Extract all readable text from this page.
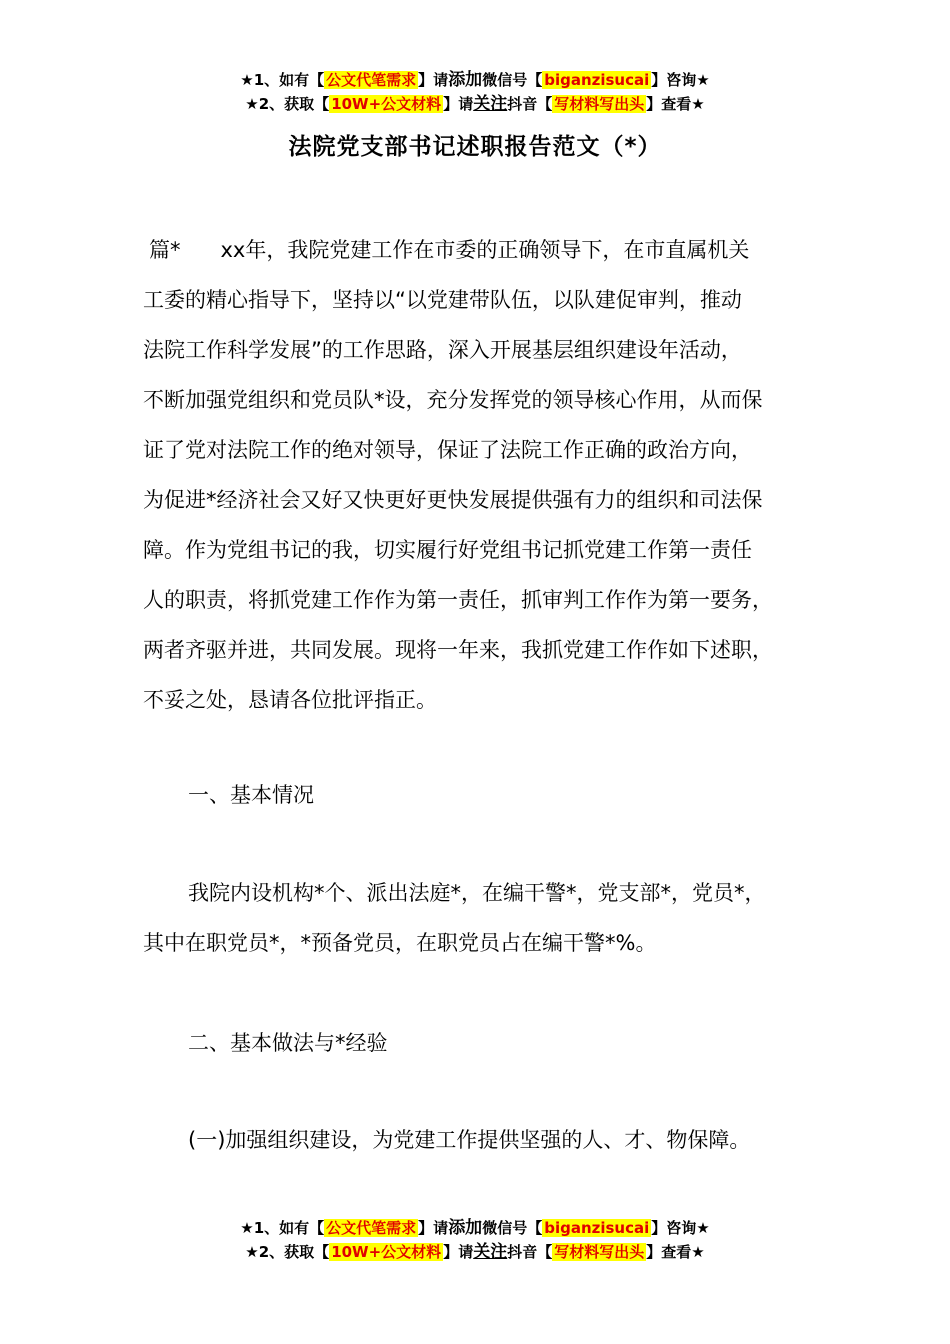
★1、如有【 公文代笔需求 】请添加微信号【 biganzisucai 】咨询★
★2、获取【 10W+公文材料 】请关注抖音【 写材料写出头 】查看★
法院党支部书记述职报告范文（*）

篇* xx年，我院党建工作在市委的正确领导下，在市直属机关

工委的精心指导下，坚持以“以党建带队伍，以队建促审判，推动

法院工作科学发展”的工作思路，深入开展基层组织建设年活动，

不断加强党组织和党员队*设，充分发挥党的领导核心作用，从而保

证了党对法院工作的绝对领导，保证了法院工作正确的政治方向，

为促进*经济社会又好又快更好更快发展提供强有力的组织和司法保

障。作为党组书记的我，切实履行好党组书记抓党建工作第一责任

人的职责，将抓党建工作作为第一责任，抓审判工作作为第一要务，

两者齐驱并进，共同发展。现将一年来，我抓党建工作作如下述职，

不妥之处，恳请各位批评指正。

一、基本情况

我院内设机构*个、派出法庭*，在编干警*，党支部*，党员*，

其中在职党员*，*预备党员，在职党员占在编干警*%。

二、基本做法与*经验

(一)加强组织建设，为党建工作提供坚强的人、才、物保障。

★1、如有【 公文代笔需求 】请添加微信号【 biganzisucai 】咨询★
★2、获取【 10W+公文材料 】请关注抖音【 写材料写出头 】查看★
